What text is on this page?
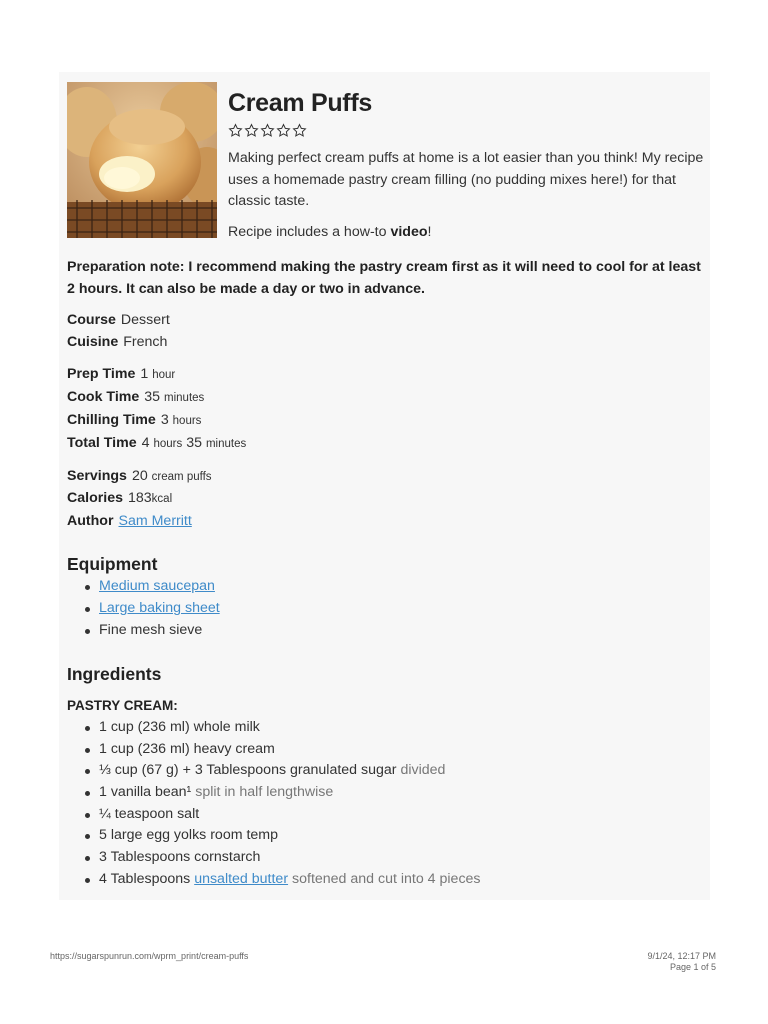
Cream Puffs

Making perfect cream puffs at home is a lot easier than you think! My recipe uses a homemade pastry cream filling (no pudding mixes here!) for that classic taste.

Recipe includes a how-to video!

Preparation note: I recommend making the pastry cream first as it will need to cool for at least 2 hours. It can also be made a day or two in advance.

Course Dessert

Cuisine French

Prep Time 1 hour

Cook Time 35 minutes

Chilling Time 3 hours

Total Time 4 hours 35 minutes

Servings 20 cream puffs

Calories 183kcal

Author Sam Merritt

Equipment

Medium saucepan

Large baking sheet

Fine mesh sieve

Ingredients

PASTRY CREAM:

1 cup (236 ml) whole milk

1 cup (236 ml) heavy cream

⅓ cup (67 g) + 3 Tablespoons granulated sugar divided

1 vanilla bean¹ split in half lengthwise

¼ teaspoon salt

5 large egg yolks room temp

3 Tablespoons cornstarch

4 Tablespoons unsalted butter softened and cut into 4 pieces

https://sugarspunrun.com/wprm_print/cream-puffs	9/1/24, 12:17 PM
Page 1 of 5
